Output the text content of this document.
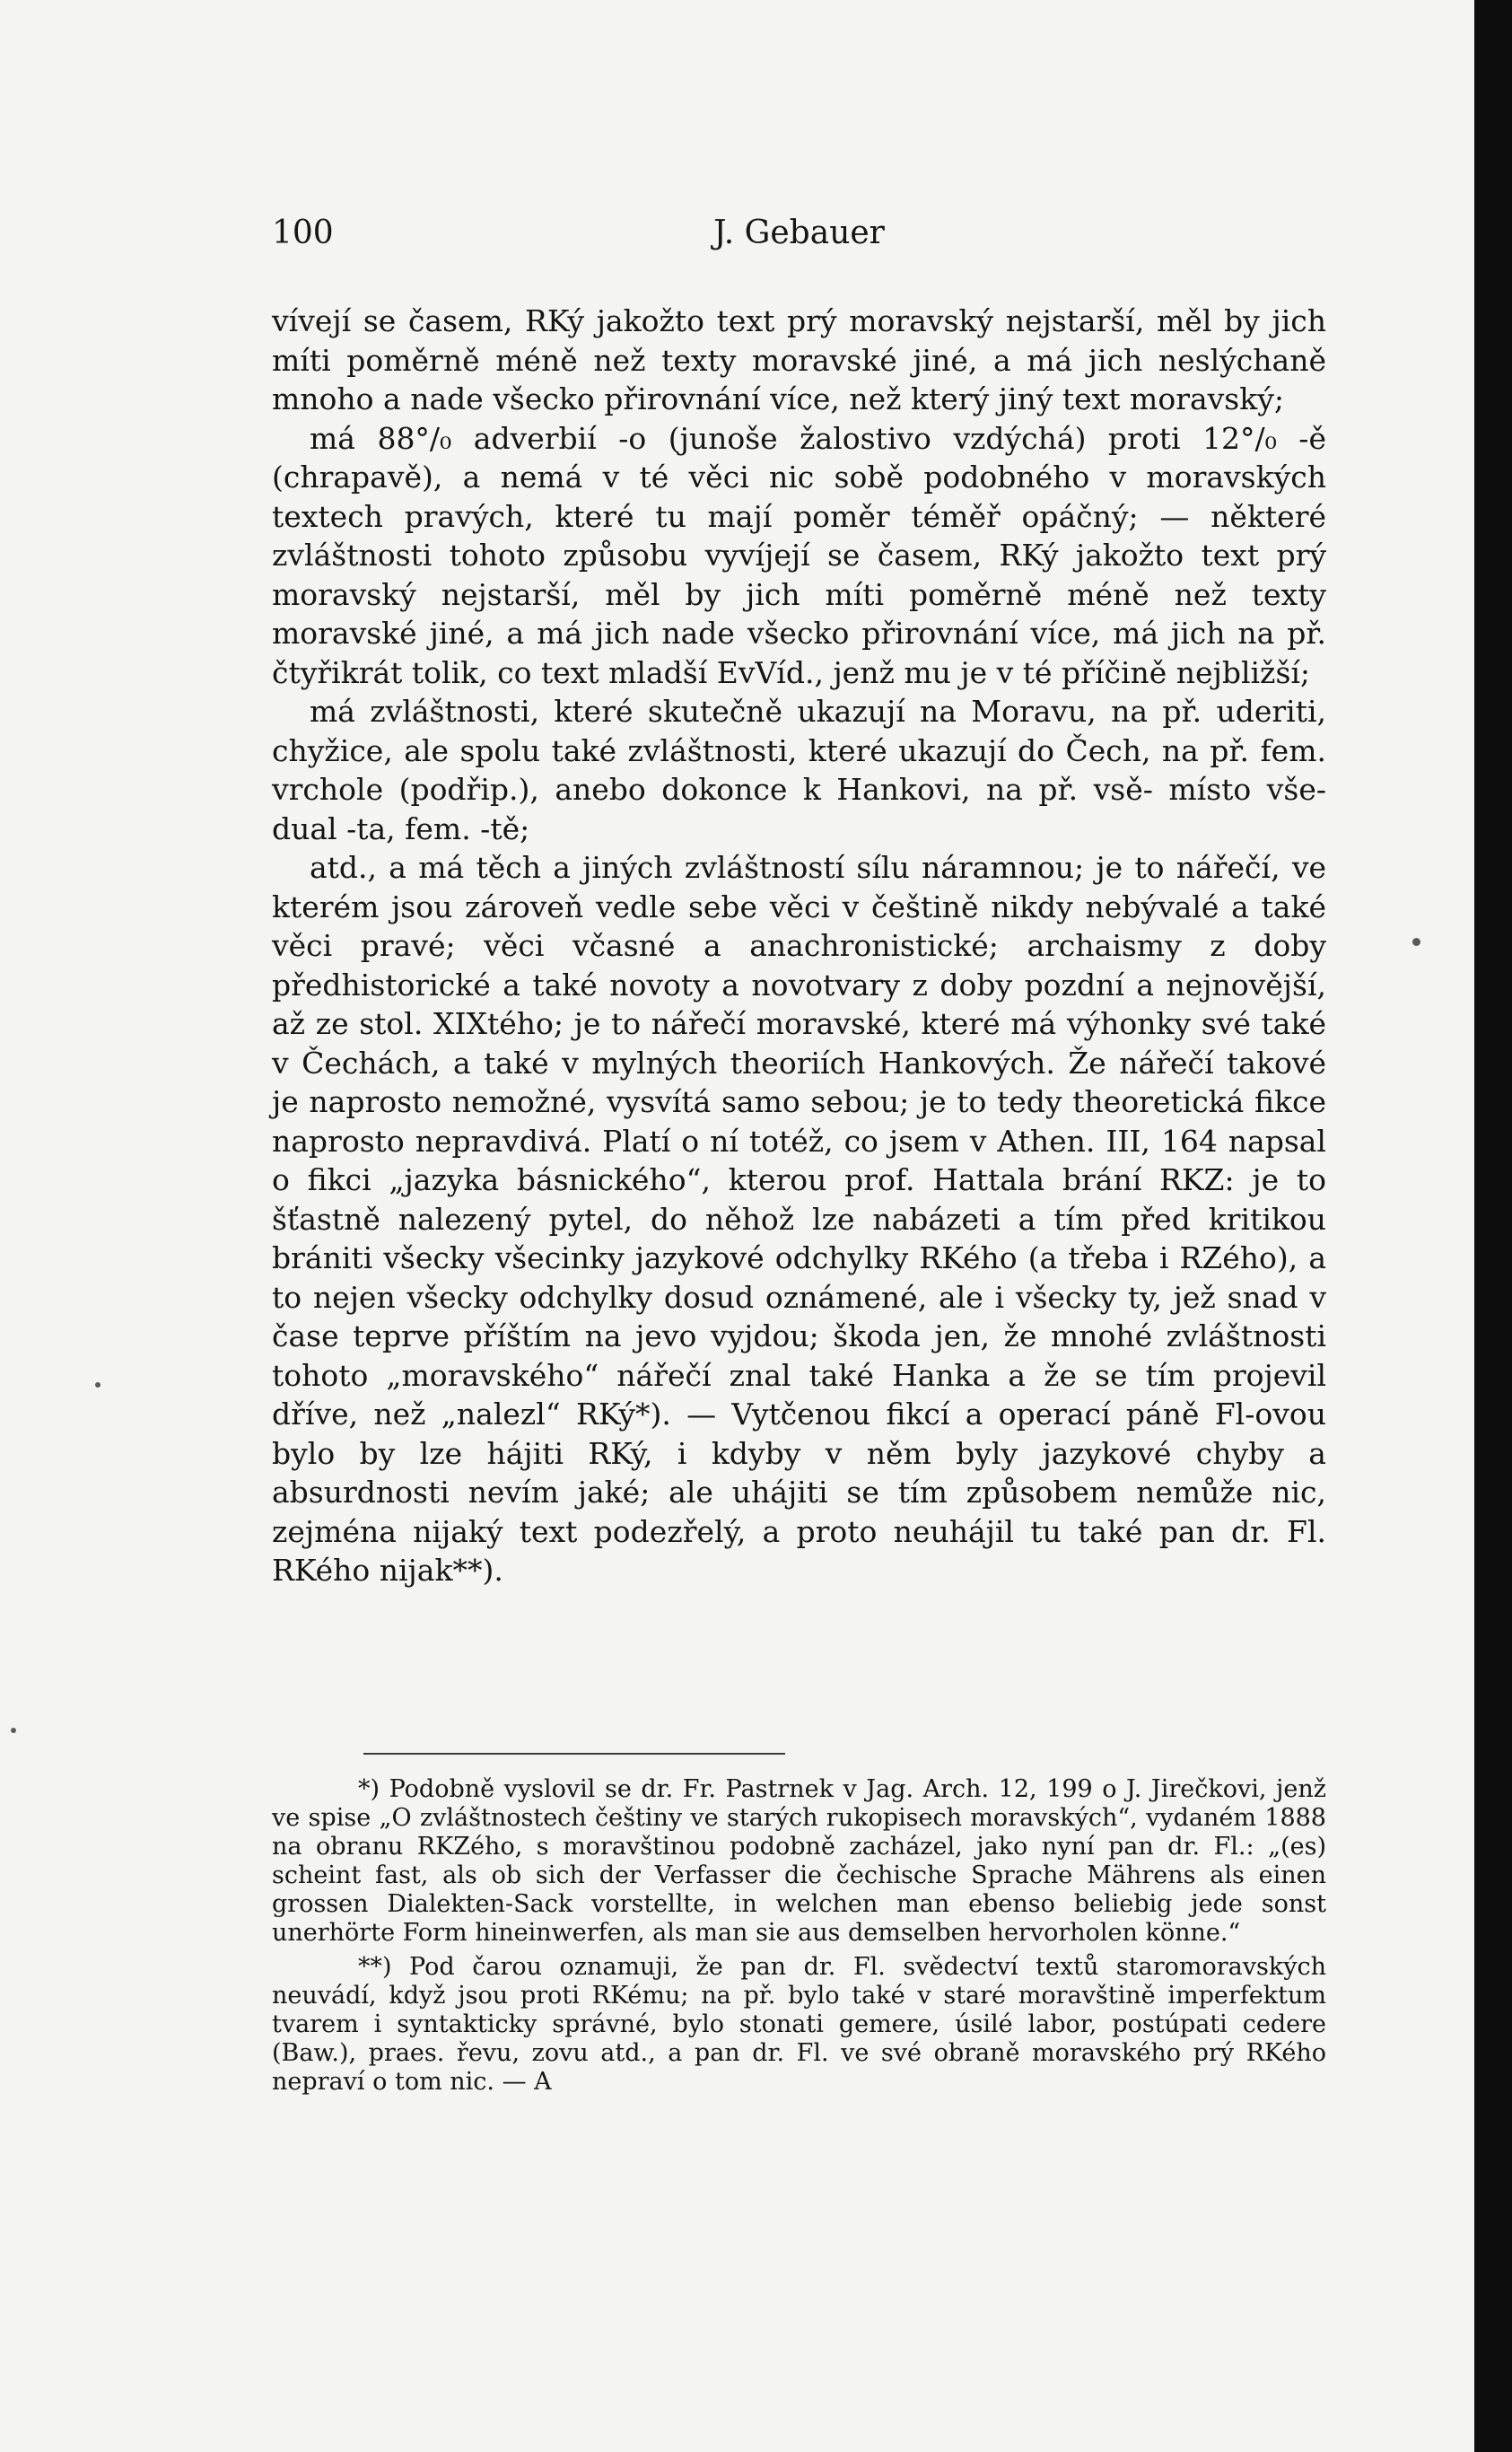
100	J. Gebauer

vívejí se časem, RKý jakožto text prý moravský nejstarší, měl by jich míti poměrně méně než texty moravské jiné, a má jich neslýchaně mnoho a nade všecko přirovnání více, než který jiný text moravský;

má 88°/₀ adverbií -o (junoše žalostivo vzdýchá) proti 12°/₀ -ě (chrapavě), a nemá v té věci nic sobě podobného v moravských textech pravých, které tu mají poměr téměř opáčný; — některé zvláštnosti tohoto způsobu vyvíjejí se časem, RKý jakožto text prý moravský nejstarší, měl by jich míti poměrně méně než texty moravské jiné, a má jich nade všecko přirovnání více, má jich na př. čtyřikrát tolik, co text mladší EvVíd., jenž mu je v té příčině nejbližší;

má zvláštnosti, které skutečně ukazují na Moravu, na př. uderiti, chyžice, ale spolu také zvláštnosti, které ukazují do Čech, na př. fem. vrchole (podřip.), anebo dokonce k Hankovi, na př. vsě- místo vše- dual -ta, fem. -tě;

atd., a má těch a jiných zvláštností sílu náramnou; je to nářečí, ve kterém jsou zároveň vedle sebe věci v češtině nikdy nebývalé a také věci pravé; věci včasné a anachronistické; archaismy z doby předhistorické a také novoty a novotvary z doby pozdní a nejnovější, až ze stol. XIXtého; je to nářečí moravské, které má výhonky své také v Čechách, a také v mylných theoriích Hankových. Že nářečí takové je naprosto nemožné, vysvítá samo sebou; je to tedy theoretická fikce naprosto nepravdivá. Platí o ní totéž, co jsem v Athen. III, 164 napsal o fikci „jazyka básnického“, kterou prof. Hattala brání RKZ: je to šťastně nalezený pytel, do něhož lze nabázeti a tím před kritikou brániti všecky všecinky jazykové odchylky RKého (a třeba i RZého), a to nejen všecky odchylky dosud oznámené, ale i všecky ty, jež snad v čase teprve příštím na jevo vyjdou; škoda jen, že mnohé zvláštnosti tohoto „moravského“ nářečí znal také Hanka a že se tím projevil dříve, než „nalezl“ RKý*). — Vytčenou fikcí a operací páně Fl-ovou bylo by lze hájiti RKý, i kdyby v něm byly jazykové chyby a absurdnosti nevím jaké; ale uhájiti se tím způsobem nemůže nic, zejména nijaký text podezřelý, a proto neuhájil tu také pan dr. Fl. RKého nijak**).

*) Podobně vyslovil se dr. Fr. Pastrnek v Jag. Arch. 12, 199 o J. Jirečkovi, jenž ve spise „O zvláštnostech češtiny ve starých rukopisech moravských“, vydaném 1888 na obranu RKZého, s moravštinou podobně zacházel, jako nyní pan dr. Fl.: „(es) scheint fast, als ob sich der Verfasser die čechische Sprache Mährens als einen grossen Dialekten-Sack vorstellte, in welchen man ebenso beliebig jede sonst unerhörte Form hineinwerfen, als man sie aus demselben hervorholen könne.“

**) Pod čarou oznamuji, že pan dr. Fl. svědectví textů staromoravských neuvádí, když jsou proti RKému; na př. bylo také v staré moravštině imperfektum tvarem i syntakticky správné, bylo stonati gemere, úsilé labor, postúpati cedere (Baw.), praes. řevu, zovu atd., a pan dr. Fl. ve své obraně moravského prý RKého nepraví o tom nic. — A
